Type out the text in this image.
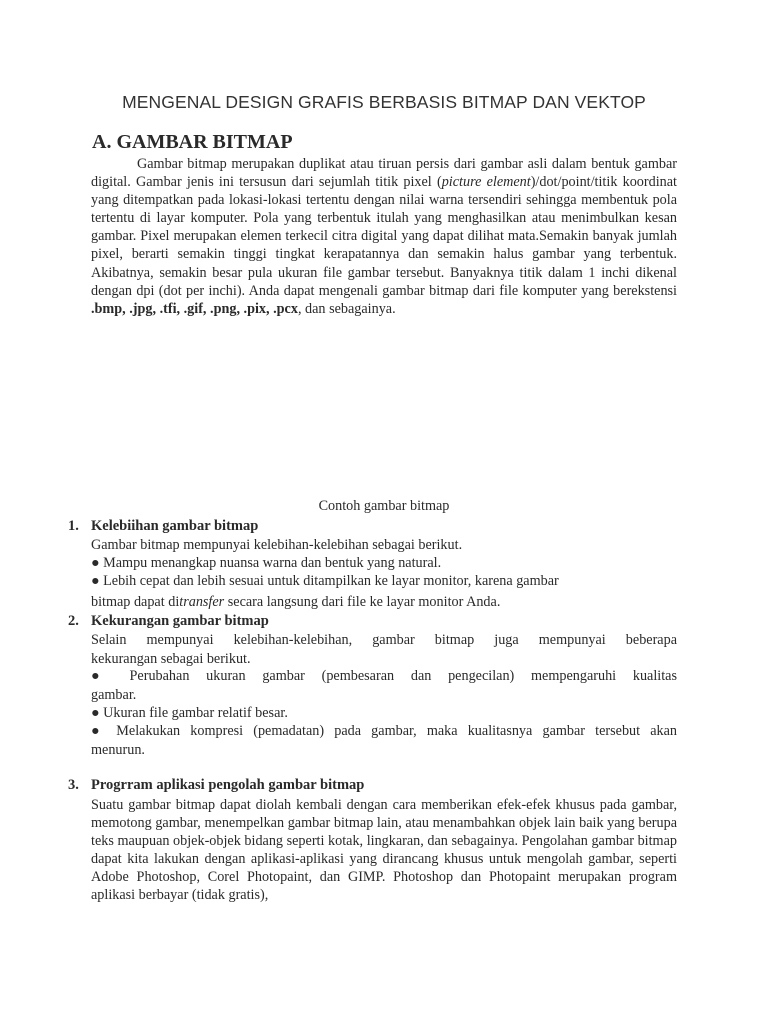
MENGENAL DESIGN GRAFIS BERBASIS BITMAP DAN VEKTOP
A. GAMBAR BITMAP

Gambar bitmap merupakan duplikat atau tiruan persis dari gambar asli dalam bentuk gambar digital. Gambar jenis ini tersusun dari sejumlah titik pixel (picture element)/dot/point/titik koordinat yang ditempatkan pada lokasi-lokasi tertentu dengan nilai warna tersendiri sehingga membentuk pola tertentu di layar komputer. Pola yang terbentuk itulah yang menghasilkan atau menimbulkan kesan gambar. Pixel merupakan elemen terkecil citra digital yang dapat dilihat mata.Semakin banyak jumlah pixel, berarti semakin tinggi tingkat kerapatannya dan semakin halus gambar yang terbentuk. Akibatnya, semakin besar pula ukuran file gambar tersebut. Banyaknya titik dalam 1 inchi dikenal dengan dpi (dot per inchi). Anda dapat mengenali gambar bitmap dari file komputer yang berekstensi .bmp, .jpg, .tfi, .gif, .png, .pix, .pcx, dan sebagainya.

Contoh gambar bitmap
1. Kelebiihan gambar bitmap
Gambar bitmap mempunyai kelebihan-kelebihan sebagai berikut.
● Mampu menangkap nuansa warna dan bentuk yang natural.
● Lebih cepat dan lebih sesuai untuk ditampilkan ke layar monitor, karena gambar
bitmap dapat ditransfer secara langsung dari file ke layar monitor Anda.
2. Kekurangan gambar bitmap
Selain mempunyai kelebihan-kelebihan, gambar bitmap juga mempunyai beberapa
kekurangan sebagai berikut.
● Perubahan ukuran gambar (pembesaran dan pengecilan) mempengaruhi kualitas
gambar.
● Ukuran file gambar relatif besar.
● Melakukan kompresi (pemadatan) pada gambar, maka kualitasnya gambar tersebut akan
menurun.
3. Progrram aplikasi pengolah gambar bitmap

Suatu gambar bitmap dapat diolah kembali dengan cara memberikan efek-efek khusus pada gambar, memotong gambar, menempelkan gambar bitmap lain, atau menambahkan objek lain baik yang berupa teks maupuan objek-objek bidang seperti kotak, lingkaran, dan sebagainya. Pengolahan gambar bitmap dapat kita lakukan dengan aplikasi-aplikasi yang dirancang khusus untuk mengolah gambar, seperti Adobe Photoshop, Corel Photopaint, dan GIMP. Photoshop dan Photopaint merupakan program aplikasi berbayar (tidak gratis),
